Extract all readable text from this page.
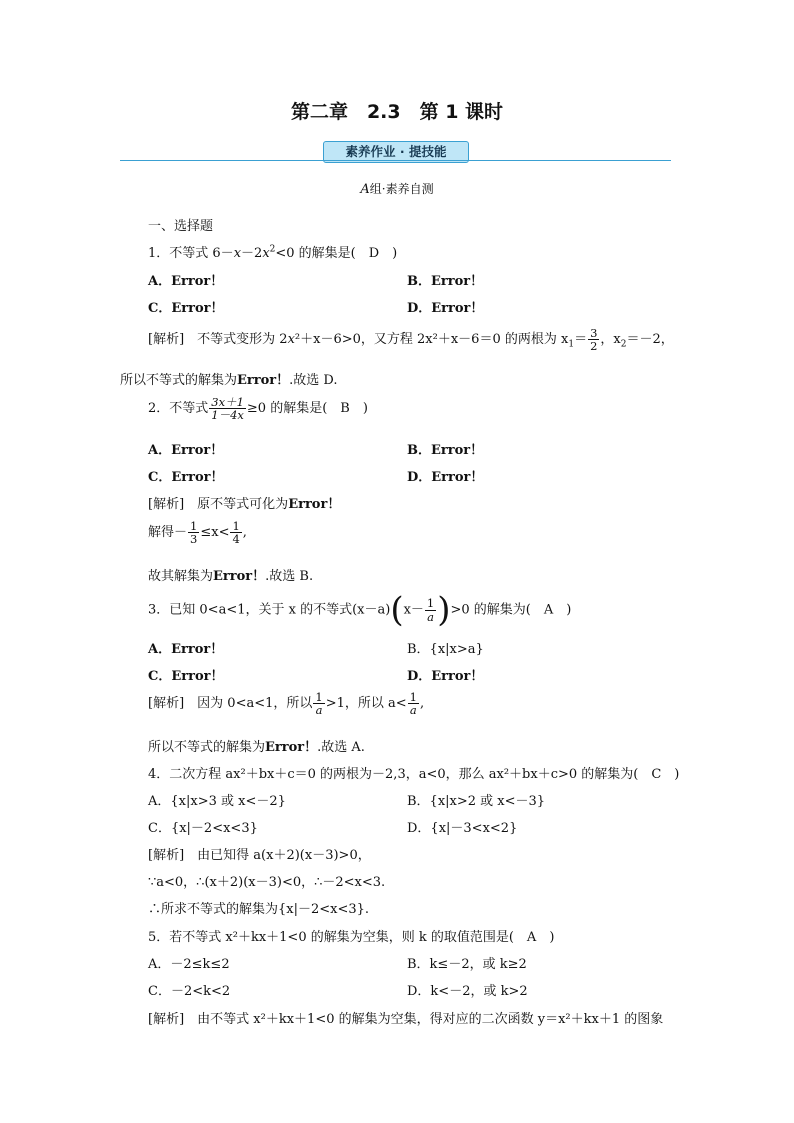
第二章　2.3　第 1 课时
素养作业 · 提技能
A组·素养自测
一、选择题
1．不等式 $6-x-2x^2<0$ 的解集是(　D　)
A．Error！	B．Error！
C．Error！	D．Error！
[解析]　 不等式变形为 2x²＋x－6>0，又方程 2x²＋x－6＝0 的两根为 $x_1= \frac{3}{2}$ ，$x_2=-2$，
所以不等式的解集为Error！.故选 D.
2．不等式 $\frac{3x+1}{1-4x} \ge 0$ 的解集是(　B　)
A．Error！	B．Error！
C．Error！	D．Error！
[解析]　 原不等式可化为Error！
解得－ $\frac{1}{3} \le x< \frac{1}{4}$ ,
故其解集为Error！.故选 B.
3．已知 0<a<1，关于 x 的不等式$(x-a)(x- \frac{1}{a} )>0$ 的解集为(　A　)
A．Error！	B．{x|x>a}
C．Error！	D．Error！
[解析]　 因为 0<a<1，所以 $\frac{1}{a} >1$，所以 $a< \frac{1}{a}$ ,
所以不等式的解集为Error！.故选 A.
4．二次方程 ax²＋bx＋c＝0 的两根为－2,3，a<0，那么 ax²＋bx＋c>0 的解集为(　C　)
A．{x|x>3 或 x<－2}	B．{x|x>2 或 x<－3}
C．{x|－2<x<3}	D．{x|－3<x<2}
[解析]　 由已知得 a(x＋2)(x－3)>0，
∵a<0，∴(x＋2)(x－3)<0，∴－2<x<3.
∴所求不等式的解集为{x|－2<x<3}.
5．若不等式 x²＋kx＋1<0 的解集为空集，则 k 的取值范围是(　A　)
A．－2≤k≤2	B．k≤－2，或 k≥2
C．－2<k<2	D．k<－2，或 k>2
[解析]　 由不等式 x²＋kx＋1<0 的解集为空集，得对应的二次函数 y＝x²＋kx＋1 的图象
